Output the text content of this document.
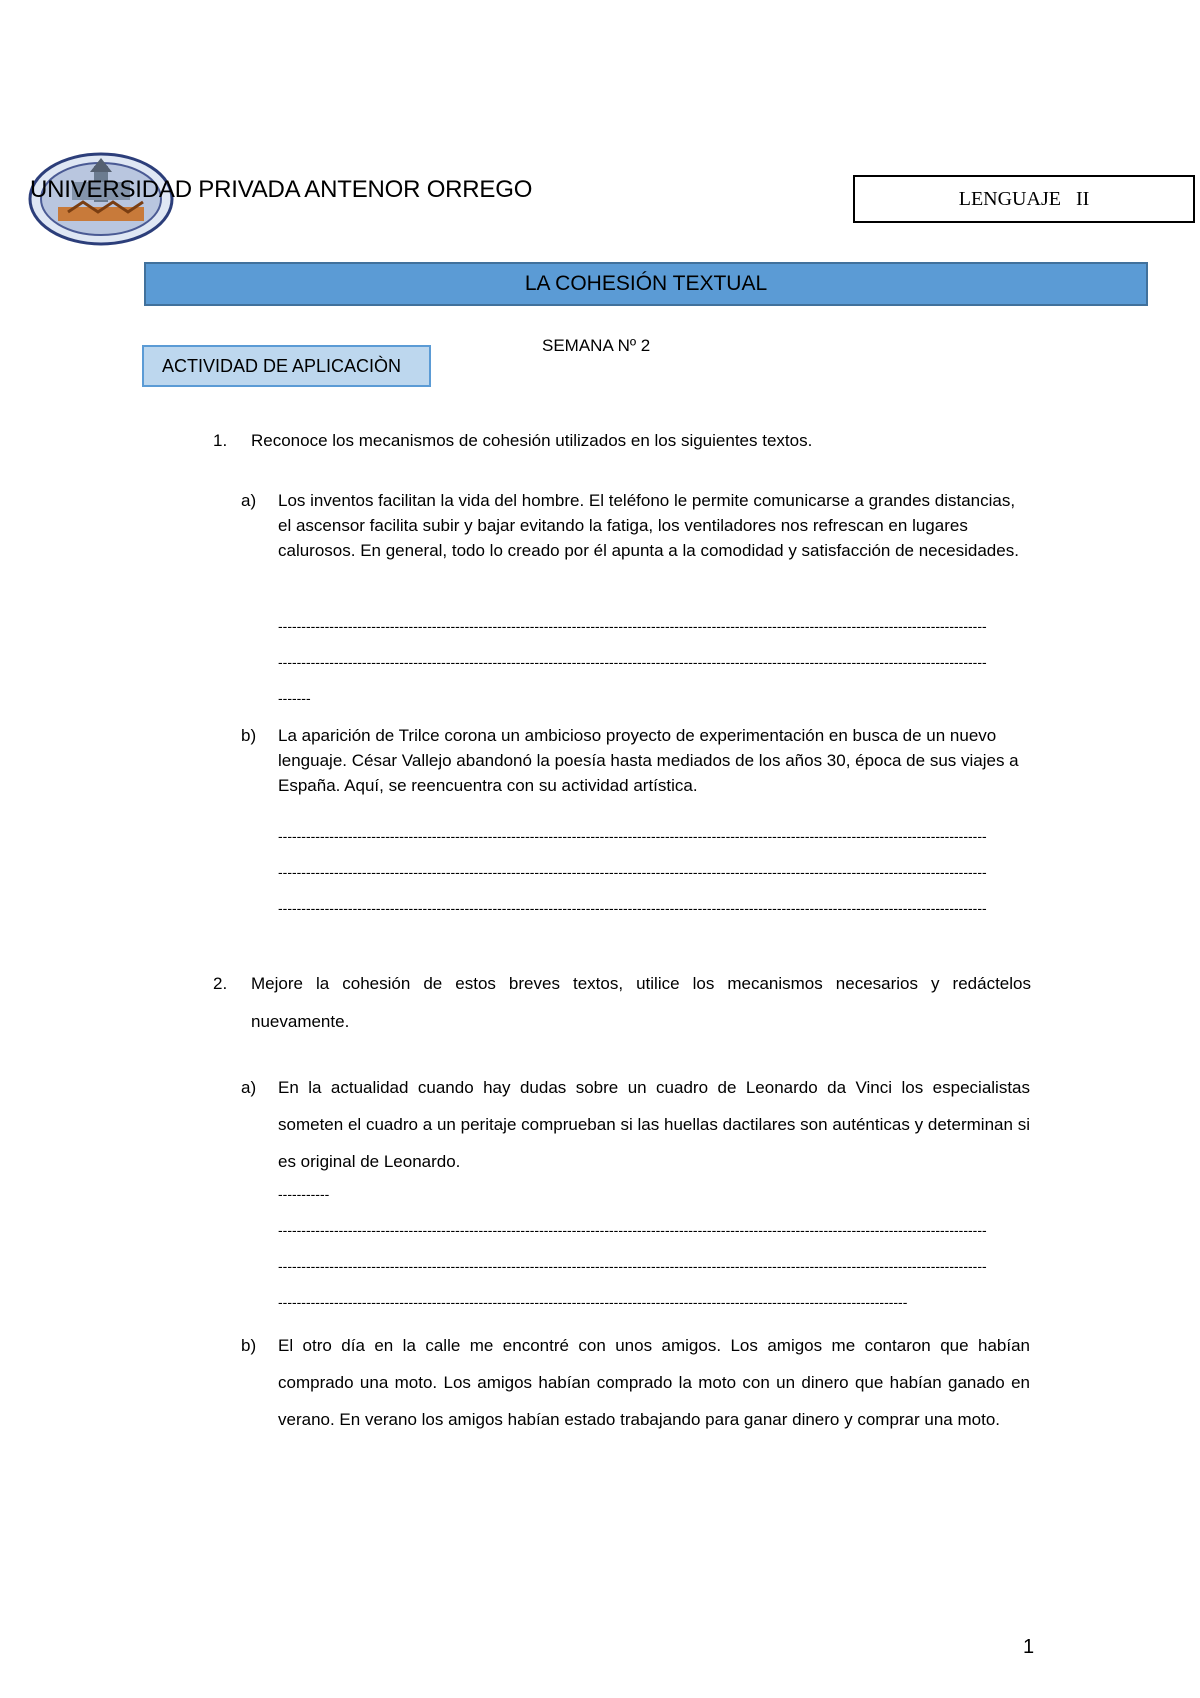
UNIVERSIDAD PRIVADA ANTENOR ORREGO	LENGUAJE   II
LA COHESIÓN TEXTUAL
SEMANA Nº 2
ACTIVIDAD DE APLICACIÒN
1.	Reconoce los mecanismos de cohesión utilizados en los siguientes textos.
a) Los inventos facilitan la vida del hombre. El teléfono le permite comunicarse a grandes distancias, el ascensor facilita subir y bajar evitando la fatiga, los ventiladores nos refrescan en lugares calurosos. En general, todo lo creado por él apunta a la comodidad y satisfacción de necesidades.
--------------------------------------------------------------------------------------------------------------------------------------------------------
--------------------------------------------------------------------------------------------------------------------------------------------------------
-------
b) La aparición de Trilce corona un ambicioso proyecto de experimentación en busca de un nuevo lenguaje. César Vallejo abandonó la poesía hasta mediados de los años 30, época de sus viajes a España. Aquí, se reencuentra con su actividad artística.
--------------------------------------------------------------------------------------------------------------------------------------------------------
--------------------------------------------------------------------------------------------------------------------------------------------------------
--------------------------------------------------------------------------------------------------------------------------------------------------------
2.	Mejore la cohesión de estos breves textos, utilice los mecanismos necesarios y redáctelos nuevamente.
a) En la actualidad cuando hay dudas sobre un cuadro de Leonardo da Vinci los especialistas someten el cuadro a un peritaje comprueban si las huellas dactilares son auténticas y determinan si es original de Leonardo.
-----------
--------------------------------------------------------------------------------------------------------------------------------------------------------
--------------------------------------------------------------------------------------------------------------------------------------------------------
---------------------------------------------------------------------------------------------------------------------------------------
b) El otro día en la calle me encontré con unos amigos. Los amigos me contaron que habían comprado una moto. Los amigos habían comprado la moto con un dinero que habían ganado en verano. En verano los amigos habían estado trabajando para ganar dinero y comprar una moto.
1
